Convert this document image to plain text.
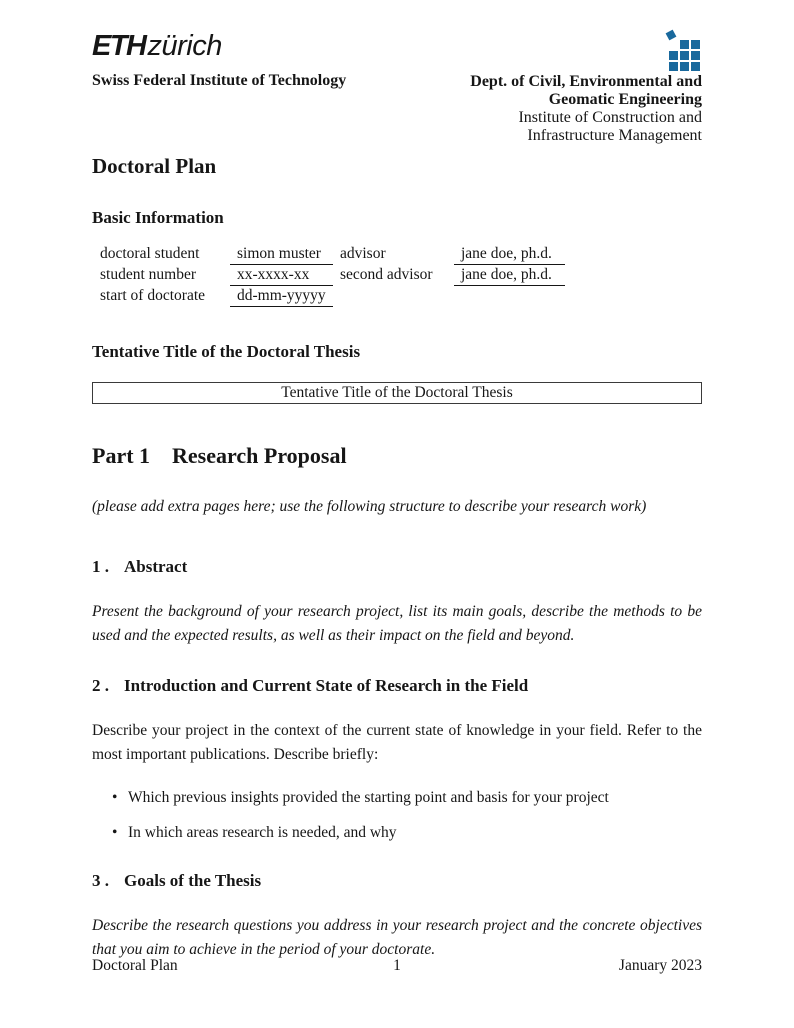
ETHzürich
Swiss Federal Institute of Technology	Dept. of Civil, Environmental and
Geomatic Engineering
Institute of Construction and
Infrastructure Management
Doctoral Plan
Basic Information
doctoral student	simon muster	advisor	jane doe, ph.d.
student number	xx-xxxx-xx	second advisor	jane doe, ph.d.
start of doctorate	dd-mm-yyyyy
Tentative Title of the Doctoral Thesis
Tentative Title of the Doctoral Thesis
Part 1 Research Proposal

(please add extra pages here; use the following structure to describe your research work)

1 . Abstract

Present the background of your research project, list its main goals, describe the methods to be used and the expected results, as well as their impact on the field and beyond.

2 . Introduction and Current State of Research in the Field

Describe your project in the context of the current state of knowledge in your field. Refer to the most important publications. Describe briefly:

• Which previous insights provided the starting point and basis for your project
• In which areas research is needed, and why
3 . Goals of the Thesis

Describe the research questions you address in your research project and the concrete objectives that you aim to achieve in the period of your doctorate.

Doctoral Plan	1	January 2023
